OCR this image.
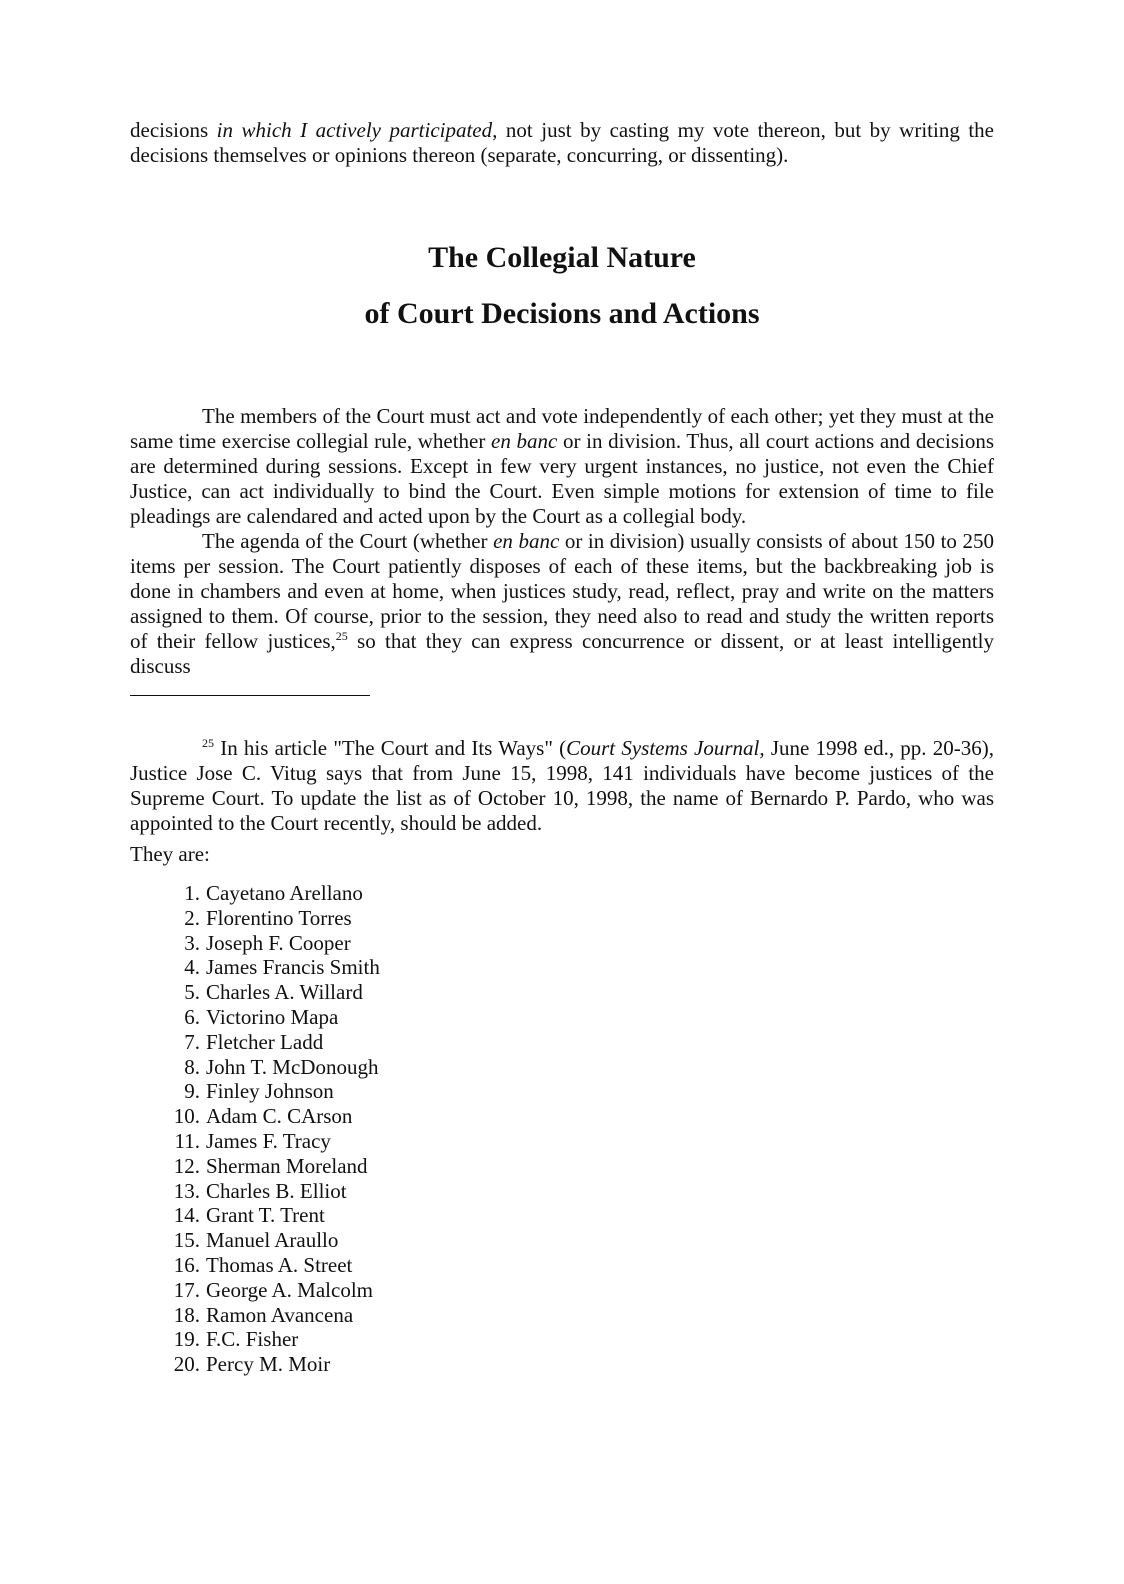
decisions in which I actively participated, not just by casting my vote thereon, but by writing the decisions themselves or opinions thereon (separate, concurring, or dissenting).

The Collegial Nature
of Court Decisions and Actions

The members of the Court must act and vote independently of each other; yet they must at the same time exercise collegial rule, whether en banc or in division. Thus, all court actions and decisions are determined during sessions. Except in few very urgent instances, no justice, not even the Chief Justice, can act individually to bind the Court. Even simple motions for extension of time to file pleadings are calendared and acted upon by the Court as a collegial body.

The agenda of the Court (whether en banc or in division) usually consists of about 150 to 250 items per session. The Court patiently disposes of each of these items, but the backbreaking job is done in chambers and even at home, when justices study, read, reflect, pray and write on the matters assigned to them. Of course, prior to the session, they need also to read and study the written reports of their fellow justices,$^{25}$ so that they can express concurrence or dissent, or at least intelligently discuss

$^{25}$ In his article "The Court and Its Ways" (Court Systems Journal, June 1998 ed., pp. 20-36), Justice Jose C. Vitug says that from June 15, 1998, 141 individuals have become justices of the Supreme Court. To update the list as of October 10, 1998, the name of Bernardo P. Pardo, who was appointed to the Court recently, should be added.

They are:
1. Cayetano Arellano
2. Florentino Torres
3. Joseph F. Cooper
4. James Francis Smith
5. Charles A. Willard
6. Victorino Mapa
7. Fletcher Ladd
8. John T. McDonough
9. Finley Johnson
10. Adam C. CArson
11. James F. Tracy
12. Sherman Moreland
13. Charles B. Elliot
14. Grant T. Trent
15. Manuel Araullo
16. Thomas A. Street
17. George A. Malcolm
18. Ramon Avancena
19. F.C. Fisher
20. Percy M. Moir
